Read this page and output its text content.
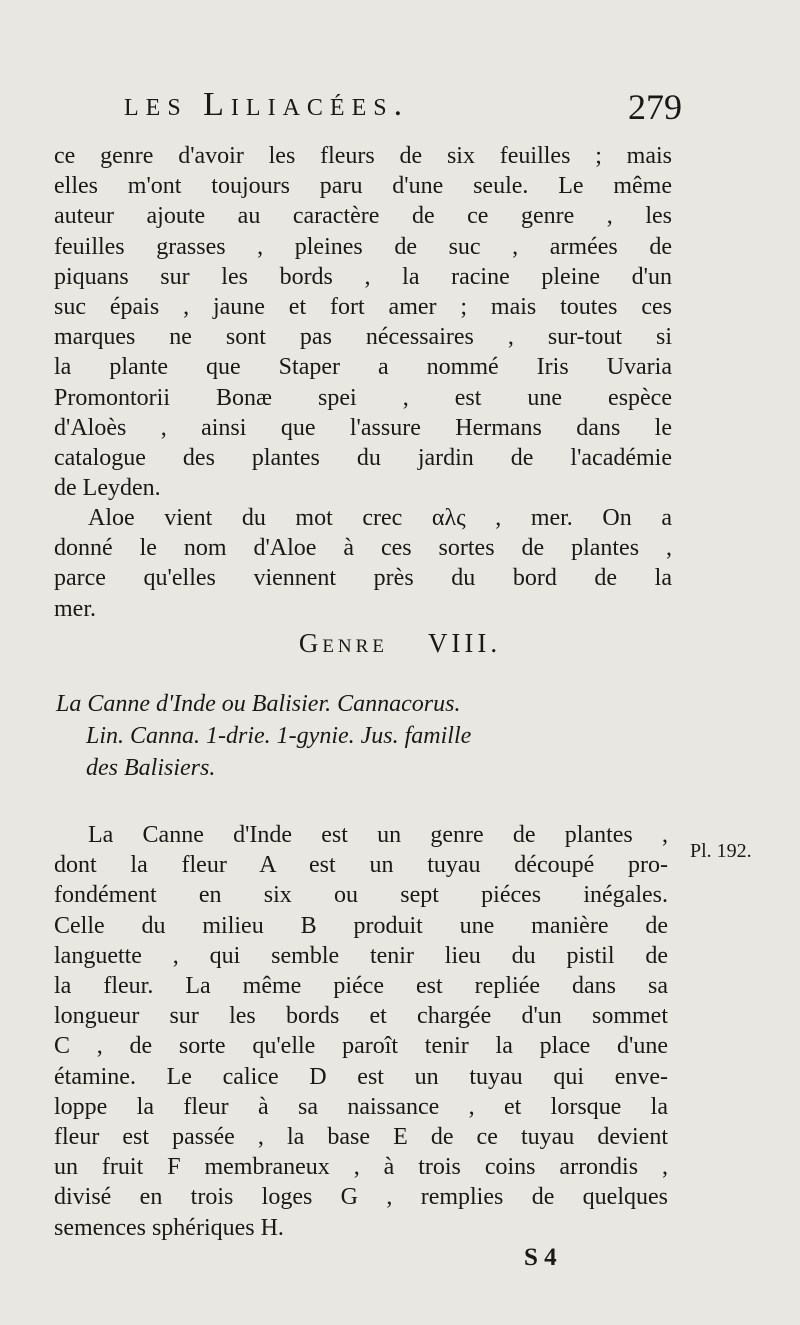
les Liliacées.	279

ce genre d'avoir les fleurs de six feuilles ; mais
elles m'ont toujours paru d'une seule. Le même
auteur ajoute au caractère de ce genre , les
feuilles grasses , pleines de suc , armées de
piquans sur les bords , la racine pleine d'un
suc épais , jaune et fort amer ; mais toutes ces
marques ne sont pas nécessaires , sur-tout si
la plante que Staper a nommé Iris Uvaria
Promontorii Bonæ spei , est une espèce
d'Aloès , ainsi que l'assure Hermans dans le
catalogue des plantes du jardin de l'académie
de Leyden.

Aloe vient du mot crec αλς , mer. On a
donné le nom d'Aloe à ces sortes de plantes ,
parce qu'elles viennent près du bord de la
mer.

Genre VIII.
La Canne d'Inde ou Balisier. Cannacorus.
Lin. Canna. 1-drie. 1-gynie. Jus. famille
des Balisiers.

La Canne d'Inde est un genre de plantes ,
dont la fleur A est un tuyau découpé pro-
fondément en six ou sept piéces inégales.
Celle du milieu B produit une manière de
languette , qui semble tenir lieu du pistil de
la fleur. La même piéce est repliée dans sa
longueur sur les bords et chargée d'un sommet
C , de sorte qu'elle paroît tenir la place d'une
étamine. Le calice D est un tuyau qui enve-
loppe la fleur à sa naissance , et lorsque la
fleur est passée , la base E de ce tuyau devient
un fruit F membraneux , à trois coins arrondis ,
divisé en trois loges G , remplies de quelques
semences sphériques H.

Pl. 192.
S 4
